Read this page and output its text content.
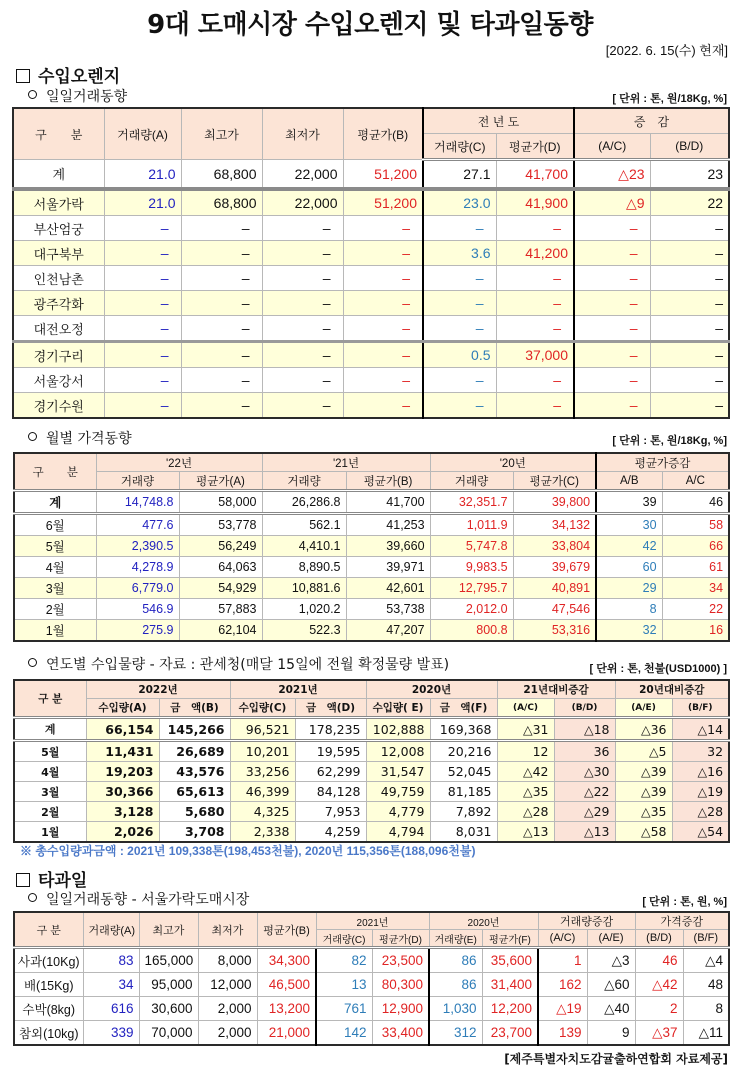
9대 도매시장 수입오렌지 및 타과일동향
[2022. 6. 15(수) 현재]
수입오렌지
일일거래동향	[ 단위 : 톤, 원/18Kg, %]
구　　분	거래량(A)	최고가	최저가	평균가(B)	전 년 도		증　감	
					거래량(C)	평균가(D)	(A/C)	(B/D)
계	21.0	68,800	22,000	51,200	27.1	41,700	△23	23
서울가락	21.0	68,800	22,000	51,200	23.0	41,900	△9	22
부산엄궁	–	–	–	–	–	–	–	–
대구북부	–	–	–	–	3.6	41,200	–	–
인천남촌	–	–	–	–	–	–	–	–
광주각화	–	–	–	–	–	–	–	–
대전오정	–	–	–	–	–	–	–	–
경기구리	–	–	–	–	0.5	37,000	–	–
서울강서	–	–	–	–	–	–	–	–
경기수원	–	–	–	–	–	–	–	–
월별 가격동향	[ 단위 : 톤, 원/18Kg, %]
구　　분	'22년		'21년		'20년		평균가증감	
	거래량	평균가(A)	거래량	평균가(B)	거래량	평균가(C)	A/B	A/C
계	14,748.8	58,000	26,286.8	41,700	32,351.7	39,800	39	46
6월	477.6	53,778	562.1	41,253	1,011.9	34,132	30	58
5월	2,390.5	56,249	4,410.1	39,660	5,747.8	33,804	42	66
4월	4,278.9	64,063	8,890.5	39,971	9,983.5	39,679	60	61
3월	6,779.0	54,929	10,881.6	42,601	12,795.7	40,891	29	34
2월	546.9	57,883	1,020.2	53,738	2,012.0	47,546	8	22
1월	275.9	62,104	522.3	47,207	800.8	53,316	32	16
연도별 수입물량 - 자료 : 관세청(매달 15일에 전월 확정물량 발표)	[ 단위 : 톤, 천불(USD1000) ]
구 분	2022년		2021년		2020년		21년대비증감		20년대비증감	
	수입량(A)	금　액(B)	수입량(C)	금　액(D)	수입량( E)	금　액(F)	(A/C)	(B/D)	(A/E)	(B/F)
계	66,154	145,266	96,521	178,235	102,888	169,368	△31	△18	△36	△14
5월	11,431	26,689	10,201	19,595	12,008	20,216	12	36	△5	32
4월	19,203	43,576	33,256	62,299	31,547	52,045	△42	△30	△39	△16
3월	30,366	65,613	46,399	84,128	49,759	81,185	△35	△22	△39	△19
2월	3,128	5,680	4,325	7,953	4,779	7,892	△28	△29	△35	△28
1월	2,026	3,708	2,338	4,259	4,794	8,031	△13	△13	△58	△54
※ 총수입량과금액 : 2021년 109,338톤(198,453천불), 2020년 115,356톤(188,096천불)
타과일
일일거래동향 - 서울가락도매시장	[ 단위 : 톤, 원, %]
구 분	거래량(A)	최고가	최저가	평균가(B)	2021년		2020년		거래량증감		가격증감	
					거래량(C)	평균가(D)	거래량(E)	평균가(F)	(A/C)	(A/E)	(B/D)	(B/F)
사과(10Kg)	83	165,000	8,000	34,300	82	23,500	86	35,600	1	△3	46	△4
배(15Kg)	34	95,000	12,000	46,500	13	80,300	86	31,400	162	△60	△42	48
수박(8kg)	616	30,600	2,000	13,200	761	12,900	1,030	12,200	△19	△40	2	8
참외(10kg)	339	70,000	2,000	21,000	142	33,400	312	23,700	139	9	△37	△11
[제주특별자치도감귤출하연합회 자료제공]
